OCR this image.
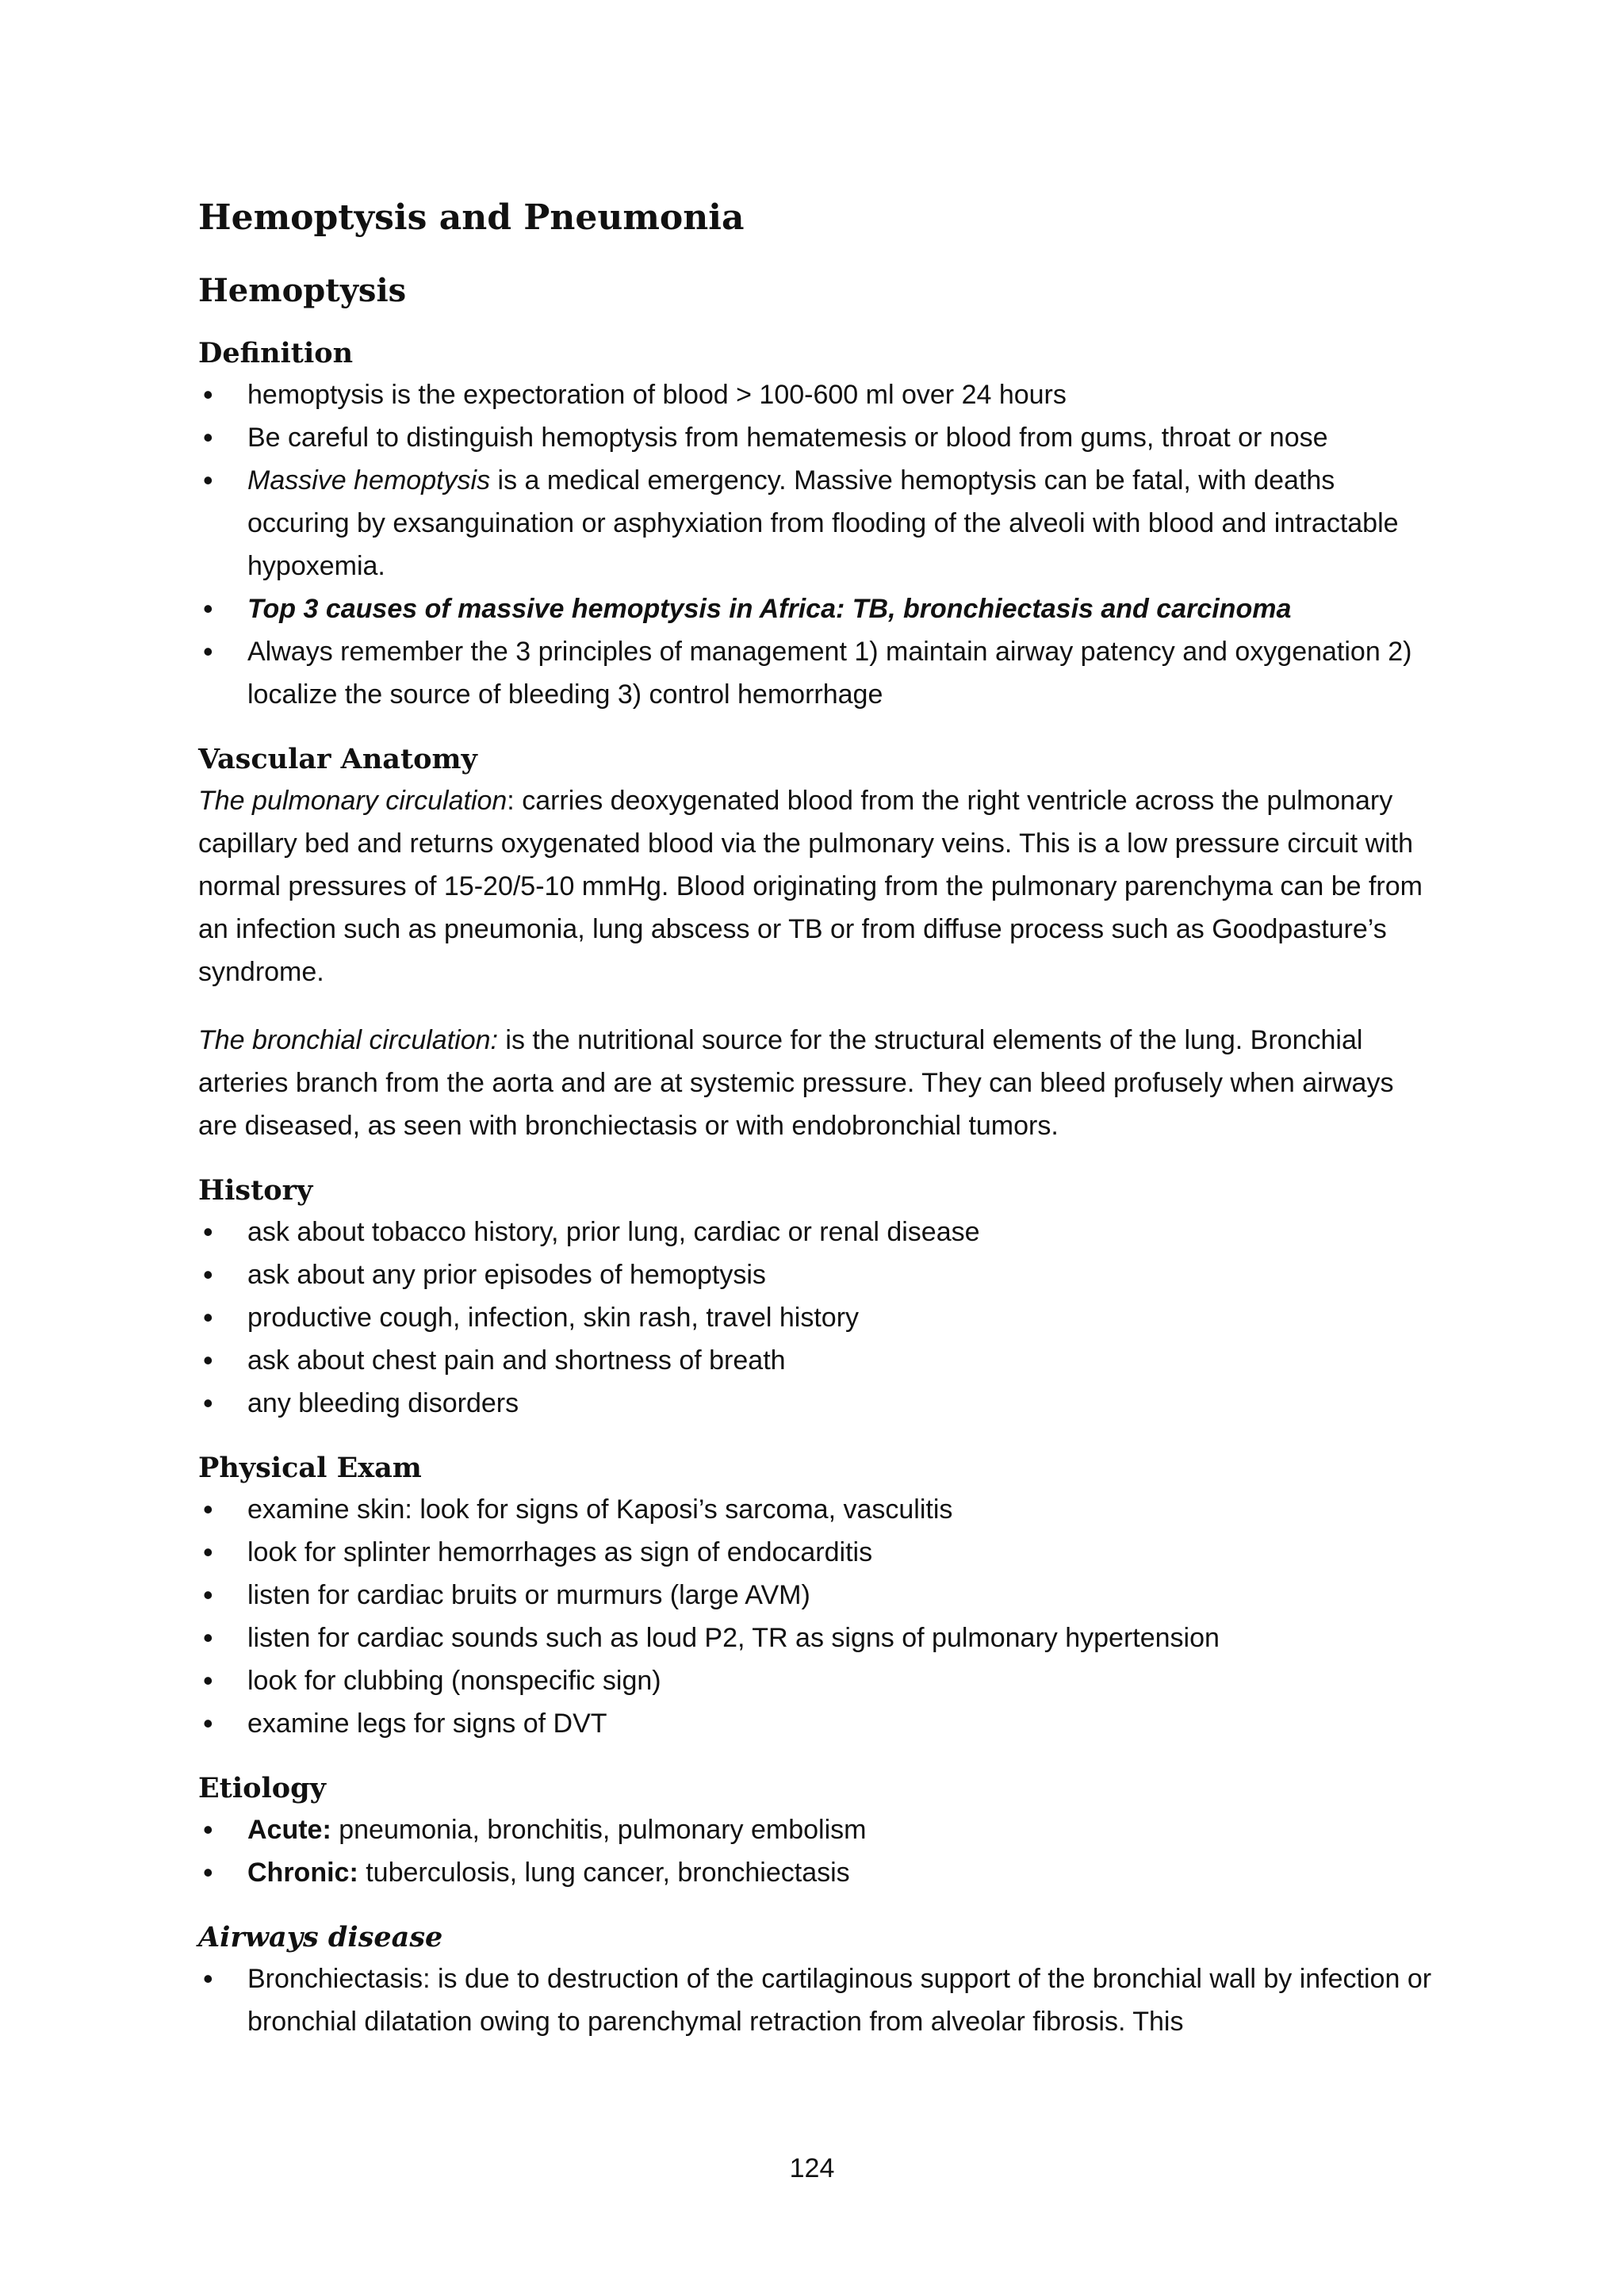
Hemoptysis and Pneumonia
Hemoptysis
Definition
• hemoptysis is the expectoration of blood > 100-600 ml over 24 hours
• Be careful to distinguish hemoptysis from hematemesis or blood from gums, throat or nose
• Massive hemoptysis is a medical emergency. Massive hemoptysis can be fatal, with deaths occuring by exsanguination or asphyxiation from flooding of the alveoli with blood and intractable hypoxemia.
• Top 3 causes of massive hemoptysis in Africa: TB, bronchiectasis and carcinoma
• Always remember the 3 principles of management 1) maintain airway patency and oxygenation 2) localize the source of bleeding 3) control hemorrhage
Vascular Anatomy

The pulmonary circulation: carries deoxygenated blood from the right ventricle across the pulmonary capillary bed and returns oxygenated blood via the pulmonary veins. This is a low pressure circuit with normal pressures of 15-20/5-10 mmHg. Blood originating from the pulmonary parenchyma can be from an infection such as pneumonia, lung abscess or TB or from diffuse process such as Goodpasture’s syndrome.

The bronchial circulation: is the nutritional source for the structural elements of the lung. Bronchial arteries branch from the aorta and are at systemic pressure. They can bleed profusely when airways are diseased, as seen with bronchiectasis or with endobronchial tumors.

History
• ask about tobacco history, prior lung, cardiac or renal disease
• ask about any prior episodes of hemoptysis
• productive cough, infection, skin rash, travel history
• ask about chest pain and shortness of breath
• any bleeding disorders
Physical Exam
• examine skin: look for signs of Kaposi’s sarcoma, vasculitis
• look for splinter hemorrhages as sign of endocarditis
• listen for cardiac bruits or murmurs (large AVM)
• listen for cardiac sounds such as loud P2, TR as signs of pulmonary hypertension
• look for clubbing (nonspecific sign)
• examine legs for signs of DVT
Etiology
• Acute: pneumonia, bronchitis, pulmonary embolism
• Chronic: tuberculosis, lung cancer, bronchiectasis
Airways disease
• Bronchiectasis: is due to destruction of the cartilaginous support of the bronchial wall by infection or bronchial dilatation owing to parenchymal retraction from alveolar fibrosis. This
124
